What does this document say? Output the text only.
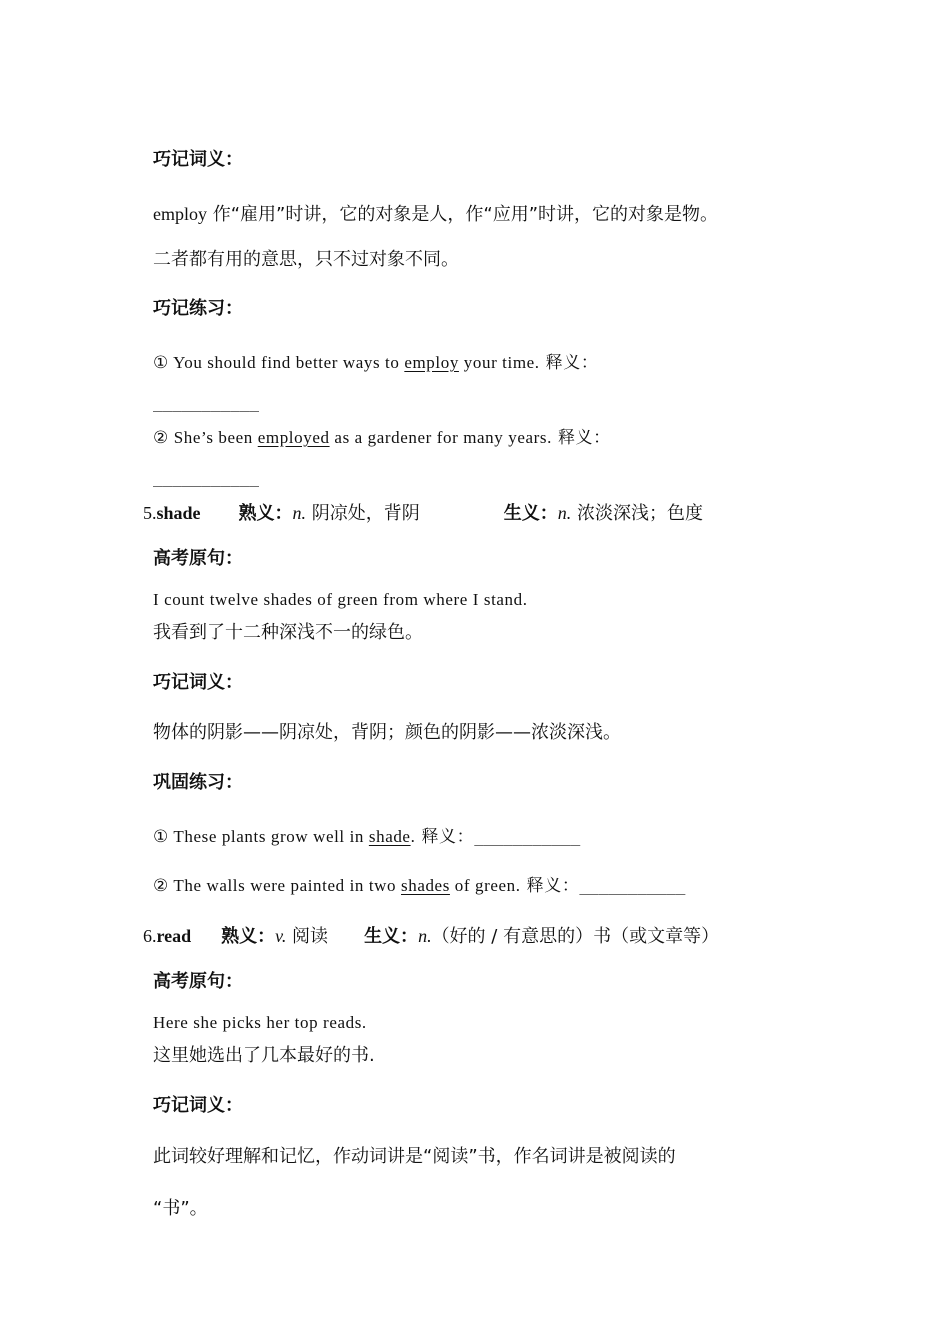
巧记词义：
employ 作“雇用”时讲，它的对象是人，作“应用”时讲，它的对象是物。
二者都有用的意思，只不过对象不同。
巧记练习：
① You should find better ways to employ your time. 释义：
___________
② She’s been employed as a gardener for many years. 释义：
___________
5.shade 熟义：n. 阴凉处，背阴	生义：n. 浓淡深浅；色度
高考原句：
I count twelve shades of green from where I stand.
我看到了十二种深浅不一的绿色。
巧记词义：
物体的阴影——阴凉处，背阴；颜色的阴影——浓淡深浅。
巩固练习：
① These plants grow well in shade. 释义：___________
② The walls were painted in two shades of green. 释义：___________
6.read 熟义：v. 阅读 生义：n.（好的 / 有意思的）书（或文章等）
高考原句：
Here she picks her top reads.
这里她选出了几本最好的书.
巧记词义：
此词较好理解和记忆，作动词讲是“阅读”书，作名词讲是被阅读的
“书”。
